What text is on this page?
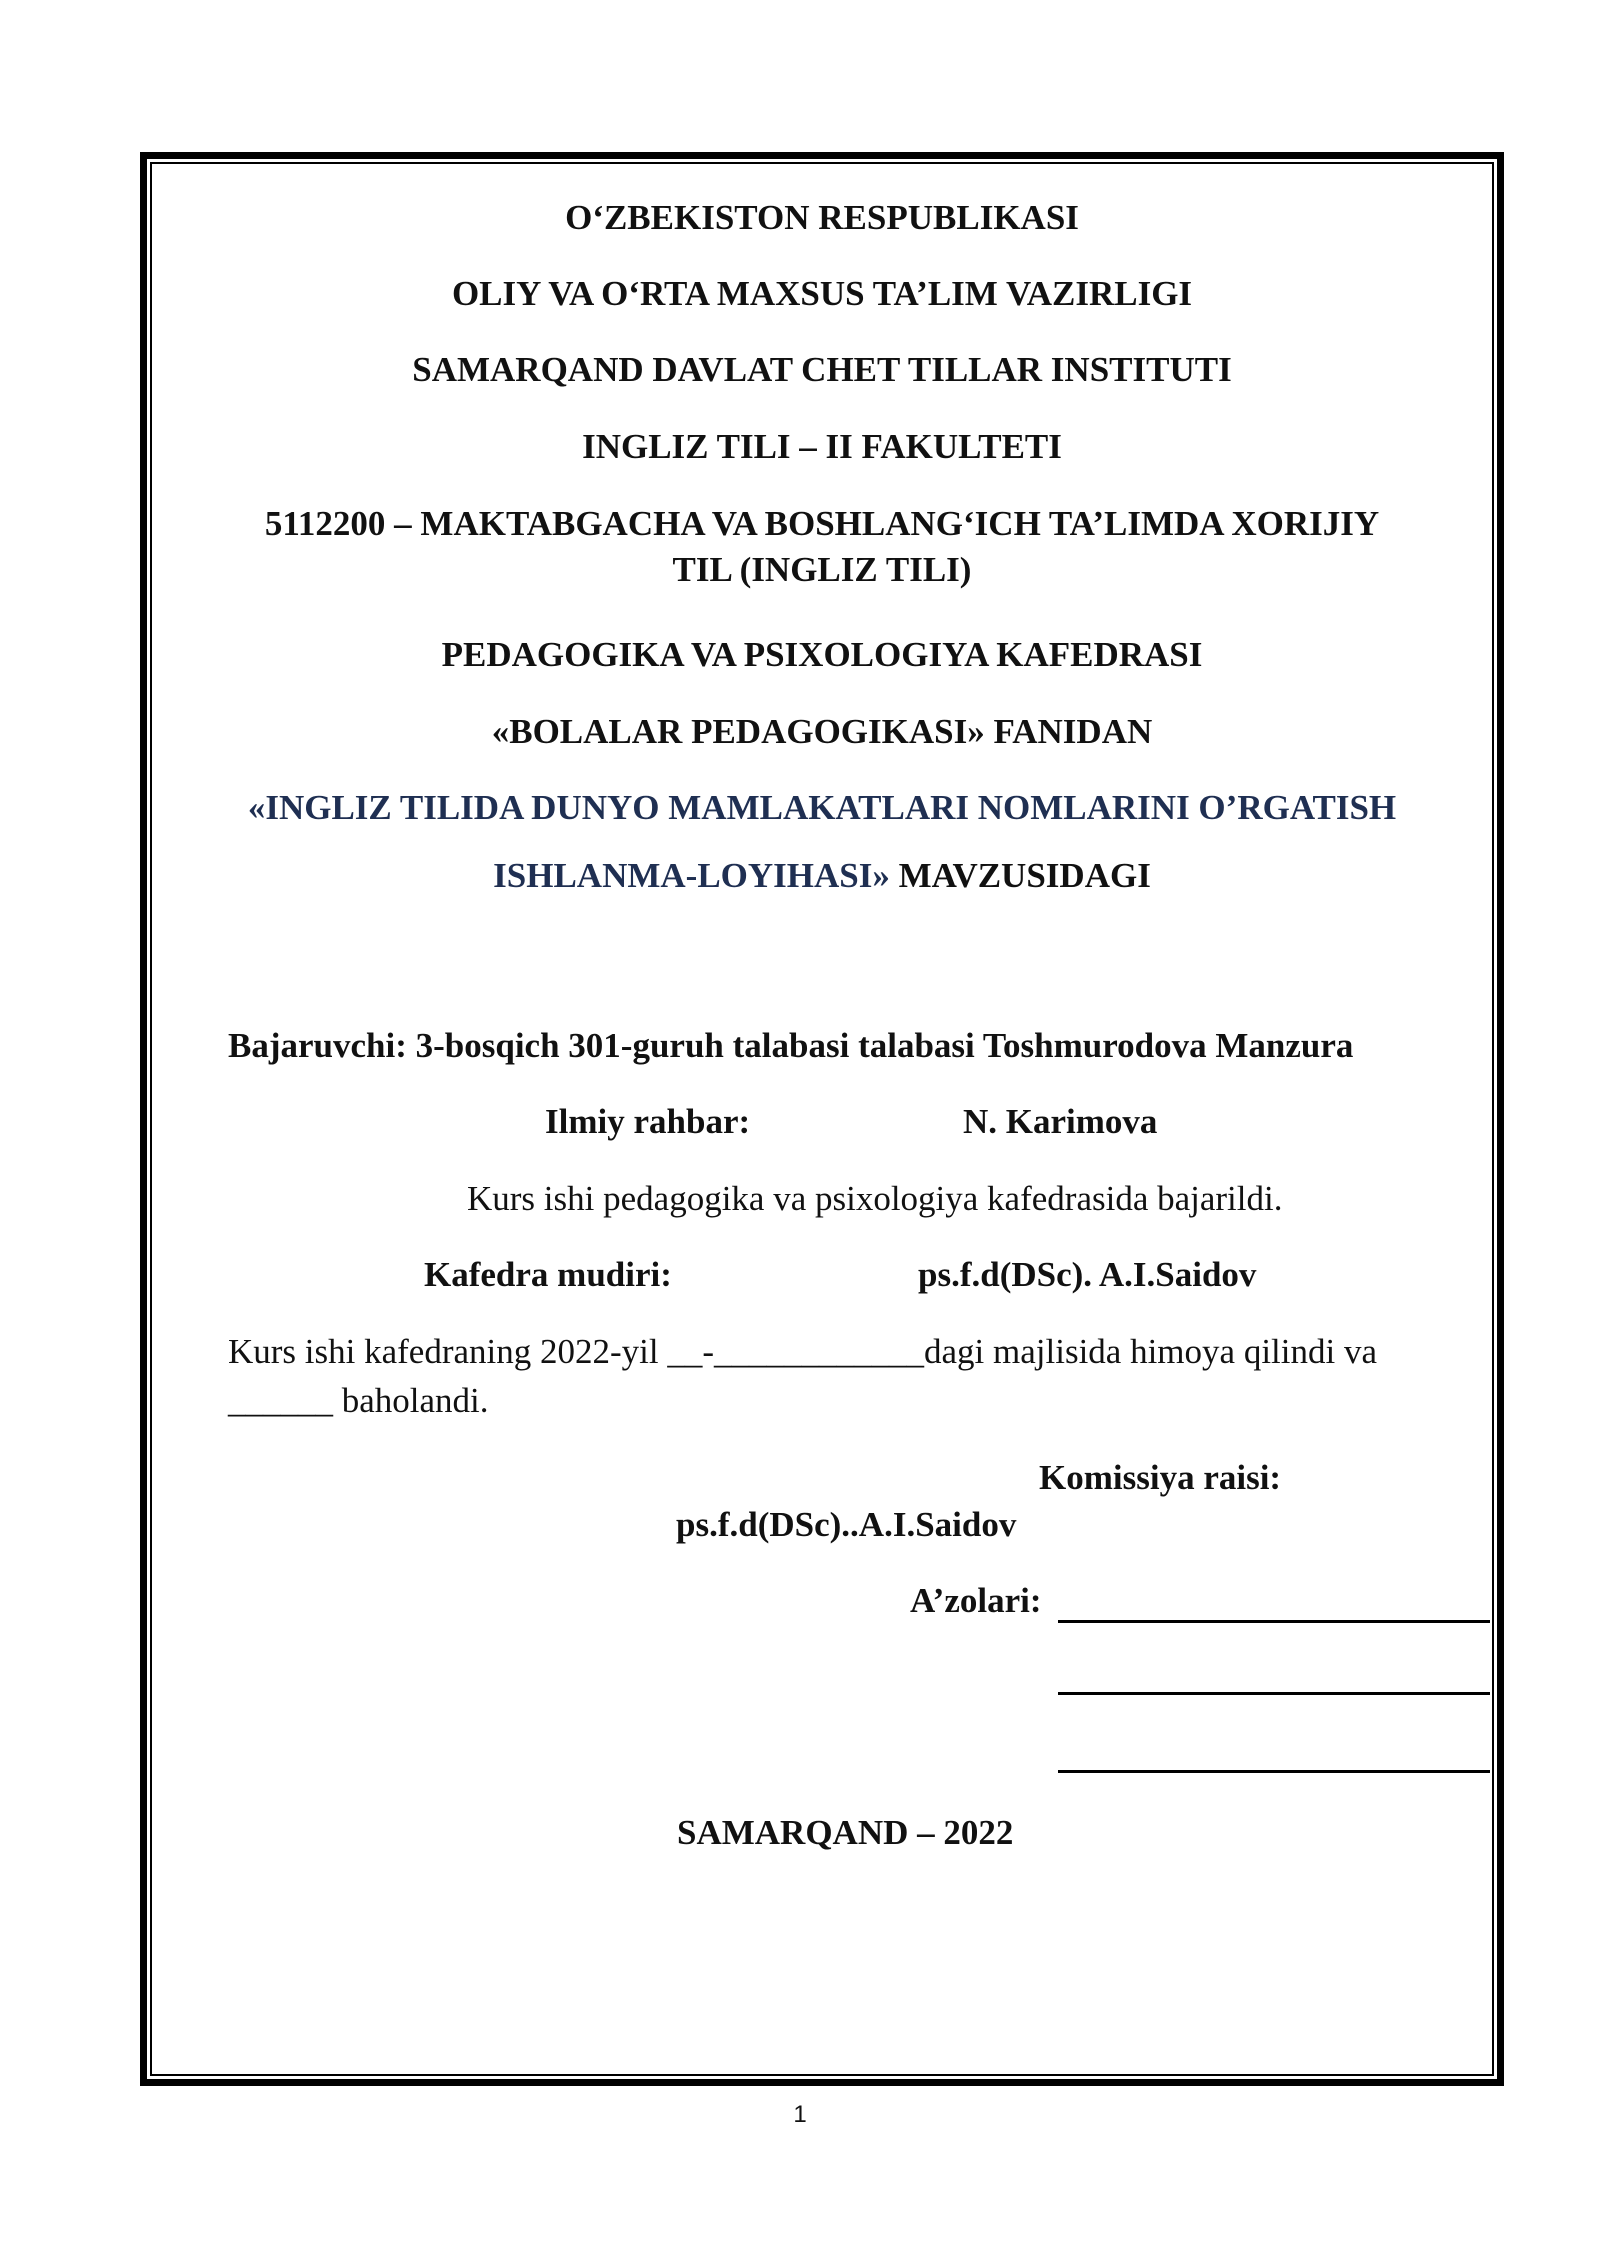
O‘ZBEKISTON RESPUBLIKASI
OLIY VA O‘RTA MAXSUS TA’LIM VAZIRLIGI
SAMARQAND DAVLAT CHET TILLAR INSTITUTI
INGLIZ TILI – II FAKULTETI
5112200 – MAKTABGACHA VA BOSHLANG‘ICH TA’LIMDA XORIJIY
TIL (INGLIZ TILI)
PEDAGOGIKA VA PSIXOLOGIYA KAFEDRASI
«BOLALAR PEDAGOGIKASI» FANIDAN
«INGLIZ TILIDA DUNYO MAMLAKATLARI NOMLARINI O’RGATISH
ISHLANMA-LOYIHASI» MAVZUSIDAGI
Bajaruvchi: 3-bosqich 301-guruh talabasi talabasi Toshmurodova Manzura
Ilmiy rahbar:	N. Karimova
Kurs ishi pedagogika va psixologiya kafedrasida bajarildi.
Kafedra mudiri:	ps.f.d(DSc). A.I.Saidov
Kurs ishi kafedraning 2022-yil __-____________dagi majlisida himoya qilindi va
______ baholandi.
Komissiya raisi:
ps.f.d(DSc)..A.I.Saidov
A’zolari:
SAMARQAND – 2022
1
